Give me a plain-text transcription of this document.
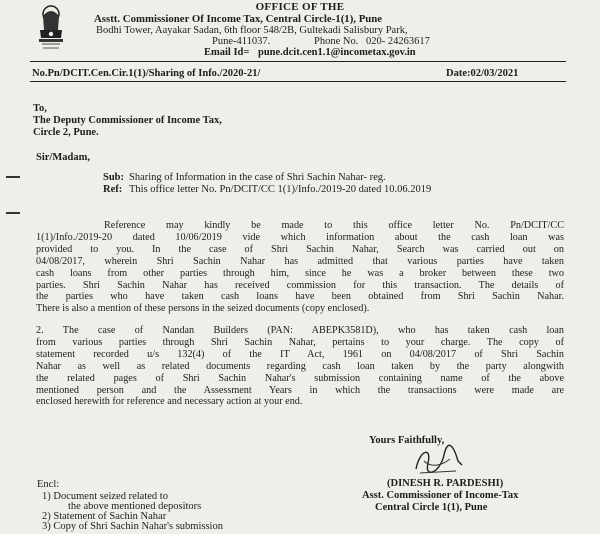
OFFICE OF THE
Asstt. Commissioner Of Income Tax, Central Circle-1(1), Pune
Bodhi Tower, Aayakar Sadan, 6th floor 548/2B, Gultekadi Salisbury Park,
Pune-411037.	Phone No. 020- 24263617
Email Id= pune.dcit.cen1.1@incometax.gov.in
No.Pn/DCIT.Cen.Cir.1(1)/Sharing of Info./2020-21/	Date:02/03/2021
To,
The Deputy Commissioner of Income Tax,
Circle 2, Pune.
Sir/Madam,
Sub: Sharing of Information in the case of Shri Sachin Nahar- reg.
Ref: This office letter No. Pn/DCIT/CC 1(1)/Info./2019-20 dated 10.06.2019
Reference may kindly be made to this office letter No. Pn/DCIT/CC
1(1)/Info./2019-20 dated 10/06/2019 vide which information about the cash loan was
provided to you. In the case of Shri Sachin Nahar, Search was carried out on
04/08/2017, wherein Shri Sachin Nahar has admitted that various parties have taken
cash loans from other parties through him, since he was a broker between these two
parties. Shri Sachin Nahar has received commission for this transaction. The details of
the parties who have taken cash loans have been obtained from Shri Sachin Nahar.
There is also a mention of these persons in the seized documents (copy enclosed).
2. The case of Nandan Builders (PAN: ABEPK3581D), who has taken cash loan
from various parties through Shri Sachin Nahar, pertains to your charge. The copy of
statement recorded u/s 132(4) of the IT Act, 1961 on 04/08/2017 of Shri Sachin
Nahar as well as related documents regarding cash loan taken by the party alongwith
the related pages of Shri Sachin Nahar's submission containing name of the above
mentioned person and the Assessment Years in which the transactions were made are
enclosed herewith for reference and necessary action at your end.
Yours Faithfully,
(DINESH R. PARDESHI)
Asst. Commissioner of Income-Tax
Central Circle 1(1), Pune
Encl:
1) Document seized related to
the above mentioned depositors
2) Statement of Sachin Nahar
3) Copy of Shri Sachin Nahar's submission
